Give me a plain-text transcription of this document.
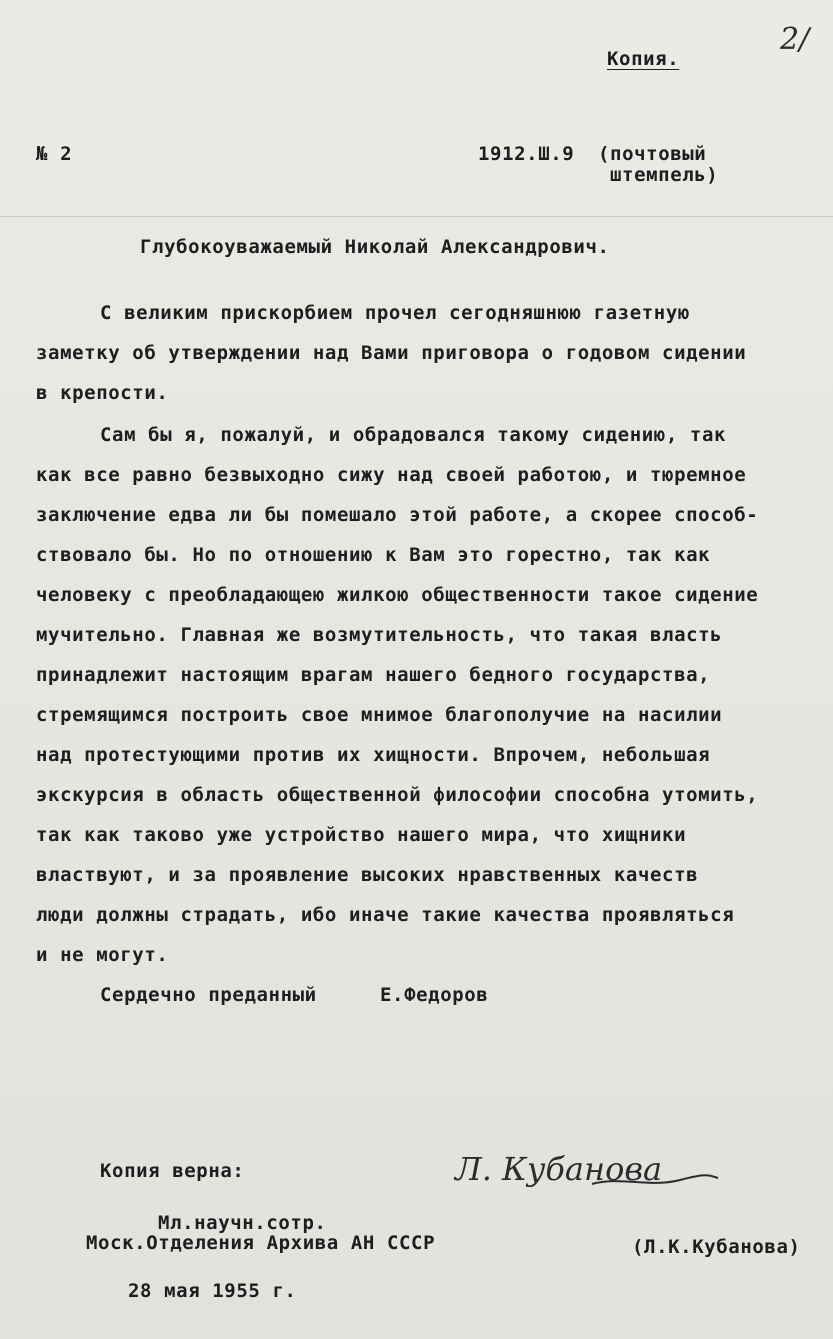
Копия.
2/
№ 2	1912.Ш.9 (почтовый
штемпель)
Глубокоуважаемый Николай Александрович.
С великим прискорбием прочел сегодняшнюю газетную
заметку об утверждении над Вами приговора о годовом сидении
в крепости.
Сам бы я, пожалуй, и обрадовался такому сидению, так
как все равно безвыходно сижу над своей работою, и тюремное
заключение едва ли бы помешало этой работе, а скорее способ-
ствовало бы. Но по отношению к Вам это горестно, так как
человеку с преобладающею жилкою общественности такое сидение
мучительно. Главная же возмутительность, что такая власть
принадлежит настоящим врагам нашего бедного государства,
стремящимся построить свое мнимое благополучие на насилии
над протестующими против их хищности. Впрочем, небольшая
экскурсия в область общественной философии способна утомить,
так как таково уже устройство нашего мира, что хищники
властвуют, и за проявление высоких нравственных качеств
люди должны страдать, ибо иначе такие качества проявляться
и не могут.
Сердечно преданный	Е.Федоров
Копия верна:	Л. Кубанова
Мл.научн.сотр.
Моск.Отделения Архива АН СССР	(Л.К.Кубанова)
28 мая 1955 г.
